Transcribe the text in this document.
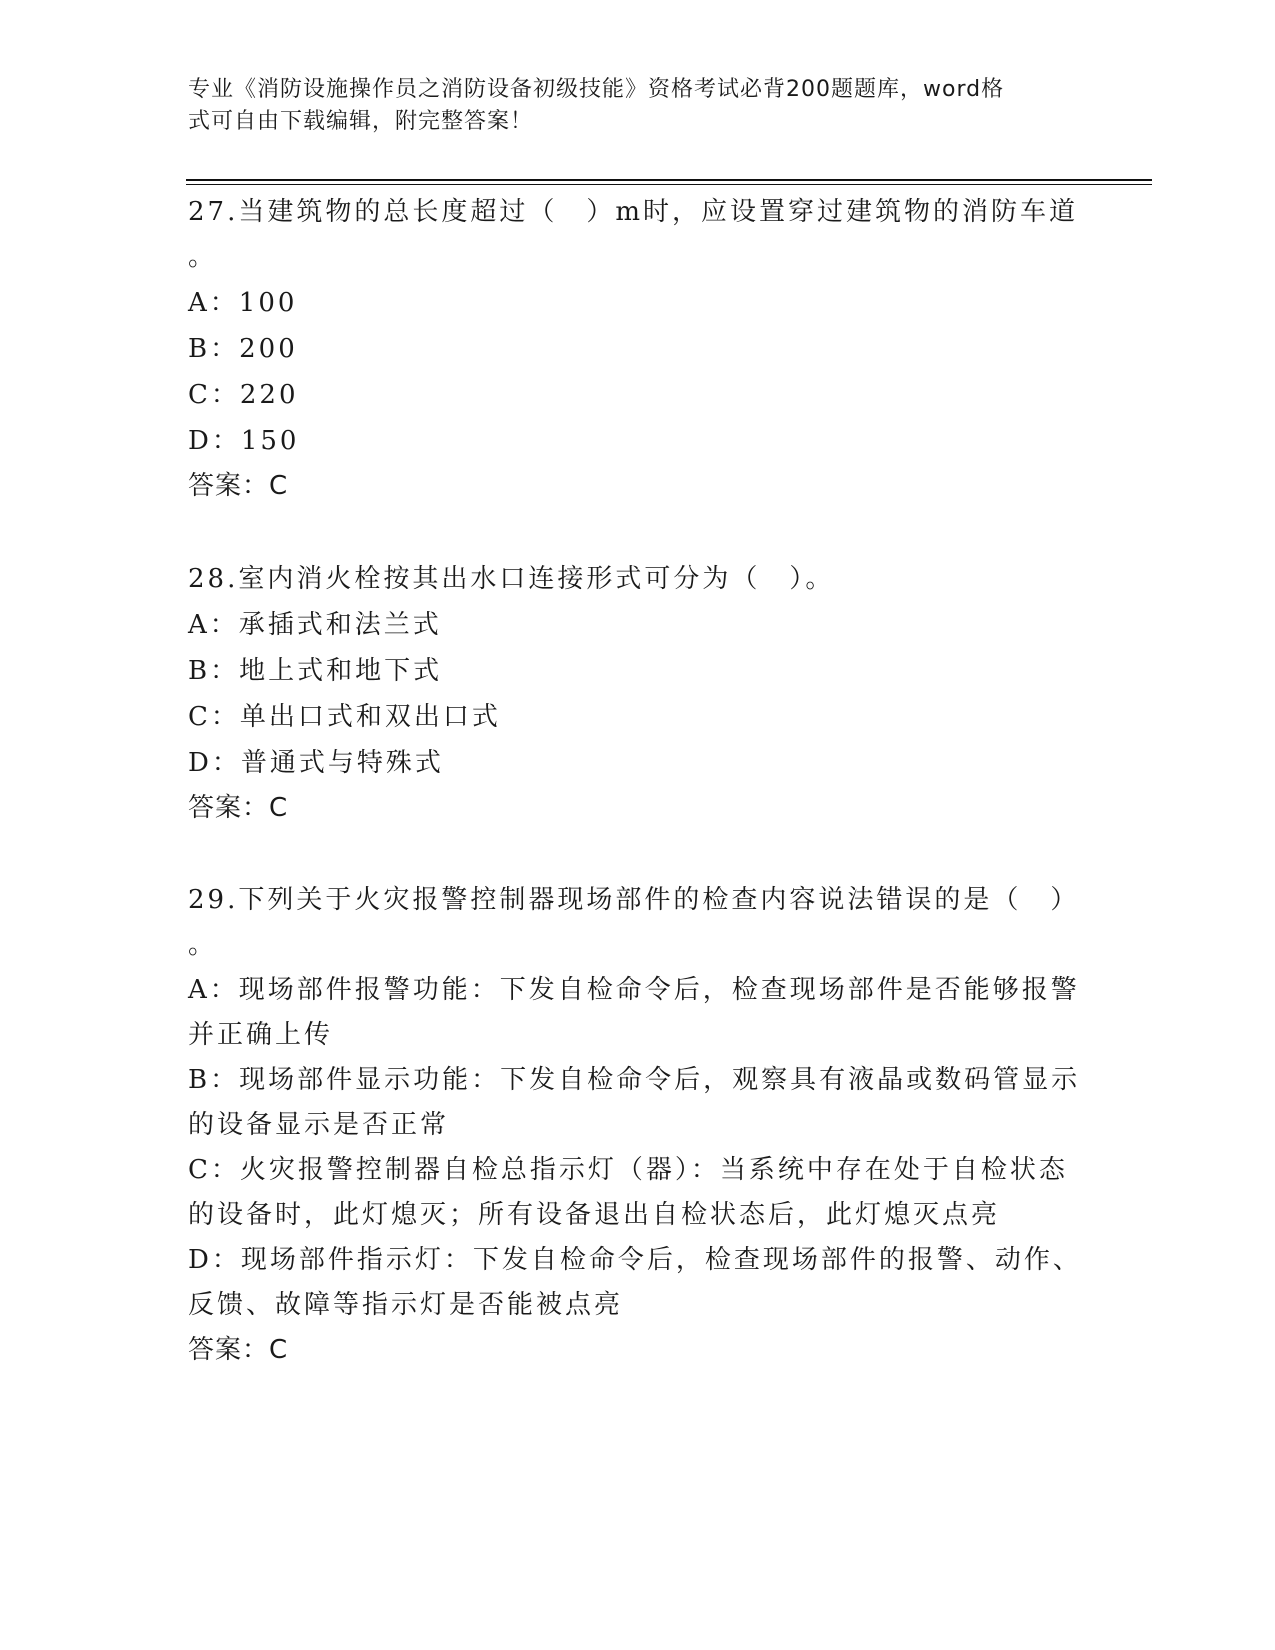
专业《消防设施操作员之消防设备初级技能》资格考试必背200题题库，word格
式可自由下载编辑，附完整答案！
27.当建筑物的总长度超过（　）m时，应设置穿过建筑物的消防车道
。
A：100
B：200
C：220
D：150
答案：C
28.室内消火栓按其出水口连接形式可分为（　）。
A：承插式和法兰式
B：地上式和地下式
C：单出口式和双出口式
D：普通式与特殊式
答案：C
29.下列关于火灾报警控制器现场部件的检查内容说法错误的是（　）
。
A：现场部件报警功能：下发自检命令后，检查现场部件是否能够报警
并正确上传
B：现场部件显示功能：下发自检命令后，观察具有液晶或数码管显示
的设备显示是否正常
C：火灾报警控制器自检总指示灯（器）：当系统中存在处于自检状态
的设备时，此灯熄灭；所有设备退出自检状态后，此灯熄灭点亮
D：现场部件指示灯：下发自检命令后，检查现场部件的报警、动作、
反馈、故障等指示灯是否能被点亮
答案：C
